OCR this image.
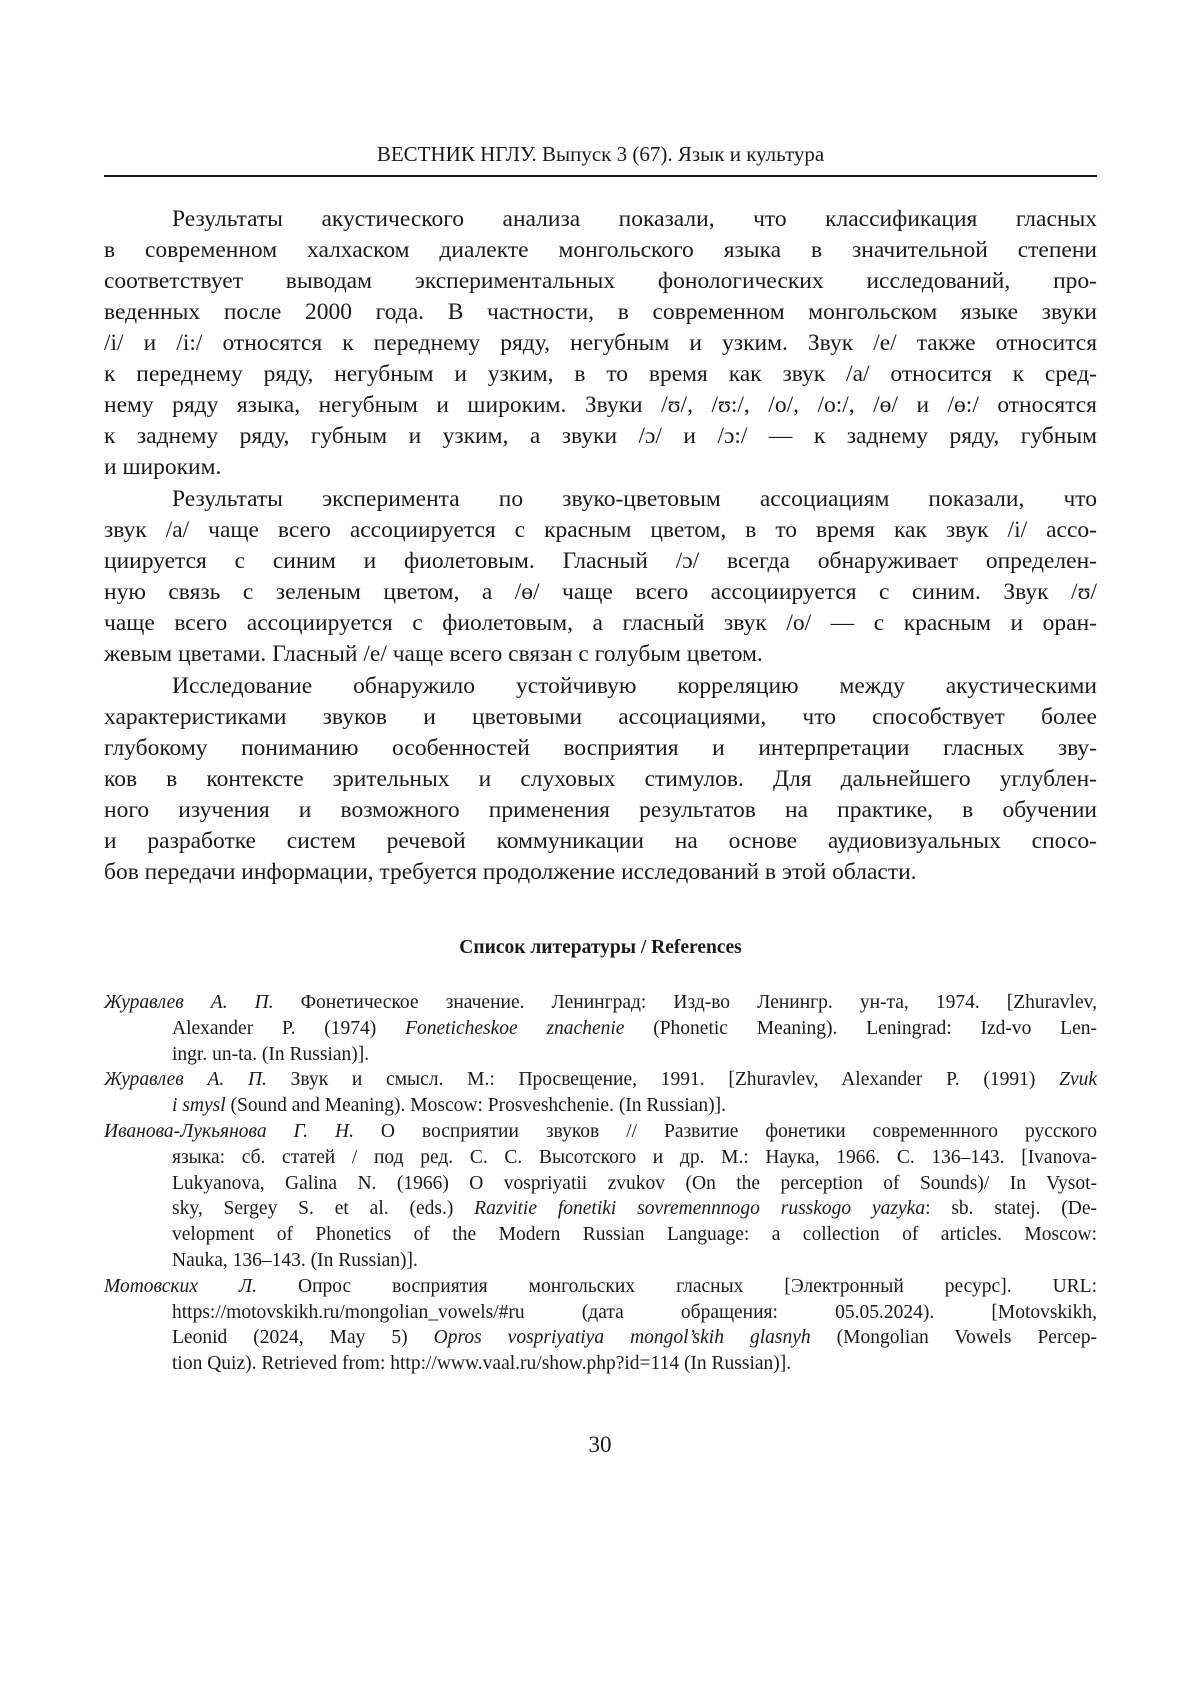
ВЕСТНИК НГЛУ. Выпуск 3 (67). Язык и культура
Результаты акустического анализа показали, что классификация гласных
в современном халхаском диалекте монгольского языка в значительной степени
соответствует выводам экспериментальных фонологических исследований, про-
веденных после 2000 года. В частности, в современном монгольском языке звуки
/i/ и /i:/ относятся к переднему ряду, негубным и узким. Звук /e/ также относится
к переднему ряду, негубным и узким, в то время как звук /a/ относится к сред-
нему ряду языка, негубным и широким. Звуки /ʊ/, /ʊ:/, /o/, /o:/, /ɵ/ и /ɵ:/ относятся
к заднему ряду, губным и узким, а звуки /ɔ/ и /ɔ:/ — к заднему ряду, губным
и широким.
Результаты эксперимента по звуко-цветовым ассоциациям показали, что
звук /a/ чаще всего ассоциируется с красным цветом, в то время как звук /i/ ассо-
циируется с синим и фиолетовым. Гласный /ɔ/ всегда обнаруживает определен-
ную связь с зеленым цветом, а /ɵ/ чаще всего ассоциируется с синим. Звук /ʊ/
чаще всего ассоциируется с фиолетовым, а гласный звук /o/ — с красным и оран-
жевым цветами. Гласный /e/ чаще всего связан с голубым цветом.
Исследование обнаружило устойчивую корреляцию между акустическими
характеристиками звуков и цветовыми ассоциациями, что способствует более
глубокому пониманию особенностей восприятия и интерпретации гласных зву-
ков в контексте зрительных и слуховых стимулов. Для дальнейшего углублен-
ного изучения и возможного применения результатов на практике, в обучении
и разработке систем речевой коммуникации на основе аудиовизуальных спосо-
бов передачи информации, требуется продолжение исследований в этой области.
Список литературы / References
Журавлев А. П. Фонетическое значение. Ленинград: Изд-во Ленингр. ун-та, 1974. [Zhuravlev,
Alexander P. (1974) Foneticheskoe znachenie (Phonetic Meaning). Leningrad: Izd-vo Len-
ingr. un-ta. (In Russian)].
Журавлев А. П. Звук и смысл. М.: Просвещение, 1991. [Zhuravlev, Alexander P. (1991) Zvuk
i smysl (Sound and Meaning). Moscow: Prosveshchenie. (In Russian)].
Иванова-Лукьянова Г. Н. О восприятии звуков // Развитие фонетики современнного русского
языка: сб. статей / под ред. С. С. Высотского и др. М.: Наука, 1966. С. 136–143. [Ivanova-
Lukyanova, Galina N. (1966) O vospriyatii zvukov (On the perception of Sounds)/ In Vysot-
sky, Sergey S. et al. (eds.) Razvitie fonetiki sovremennnogo russkogo yazyka: sb. statej. (De-
velopment of Phonetics of the Modern Russian Language: a collection of articles. Moscow:
Nauka, 136–143. (In Russian)].
Мотовских Л. Опрос восприятия монгольских гласных [Электронный ресурс]. URL:
https://motovskikh.ru/mongolian_vowels/#ru (дата обращения: 05.05.2024). [Motovskikh,
Leonid (2024, May 5) Opros vospriyatiya mongol’skih glasnyh (Mongolian Vowels Percep-
tion Quiz). Retrieved from: http://www.vaal.ru/show.php?id=114 (In Russian)].
30
